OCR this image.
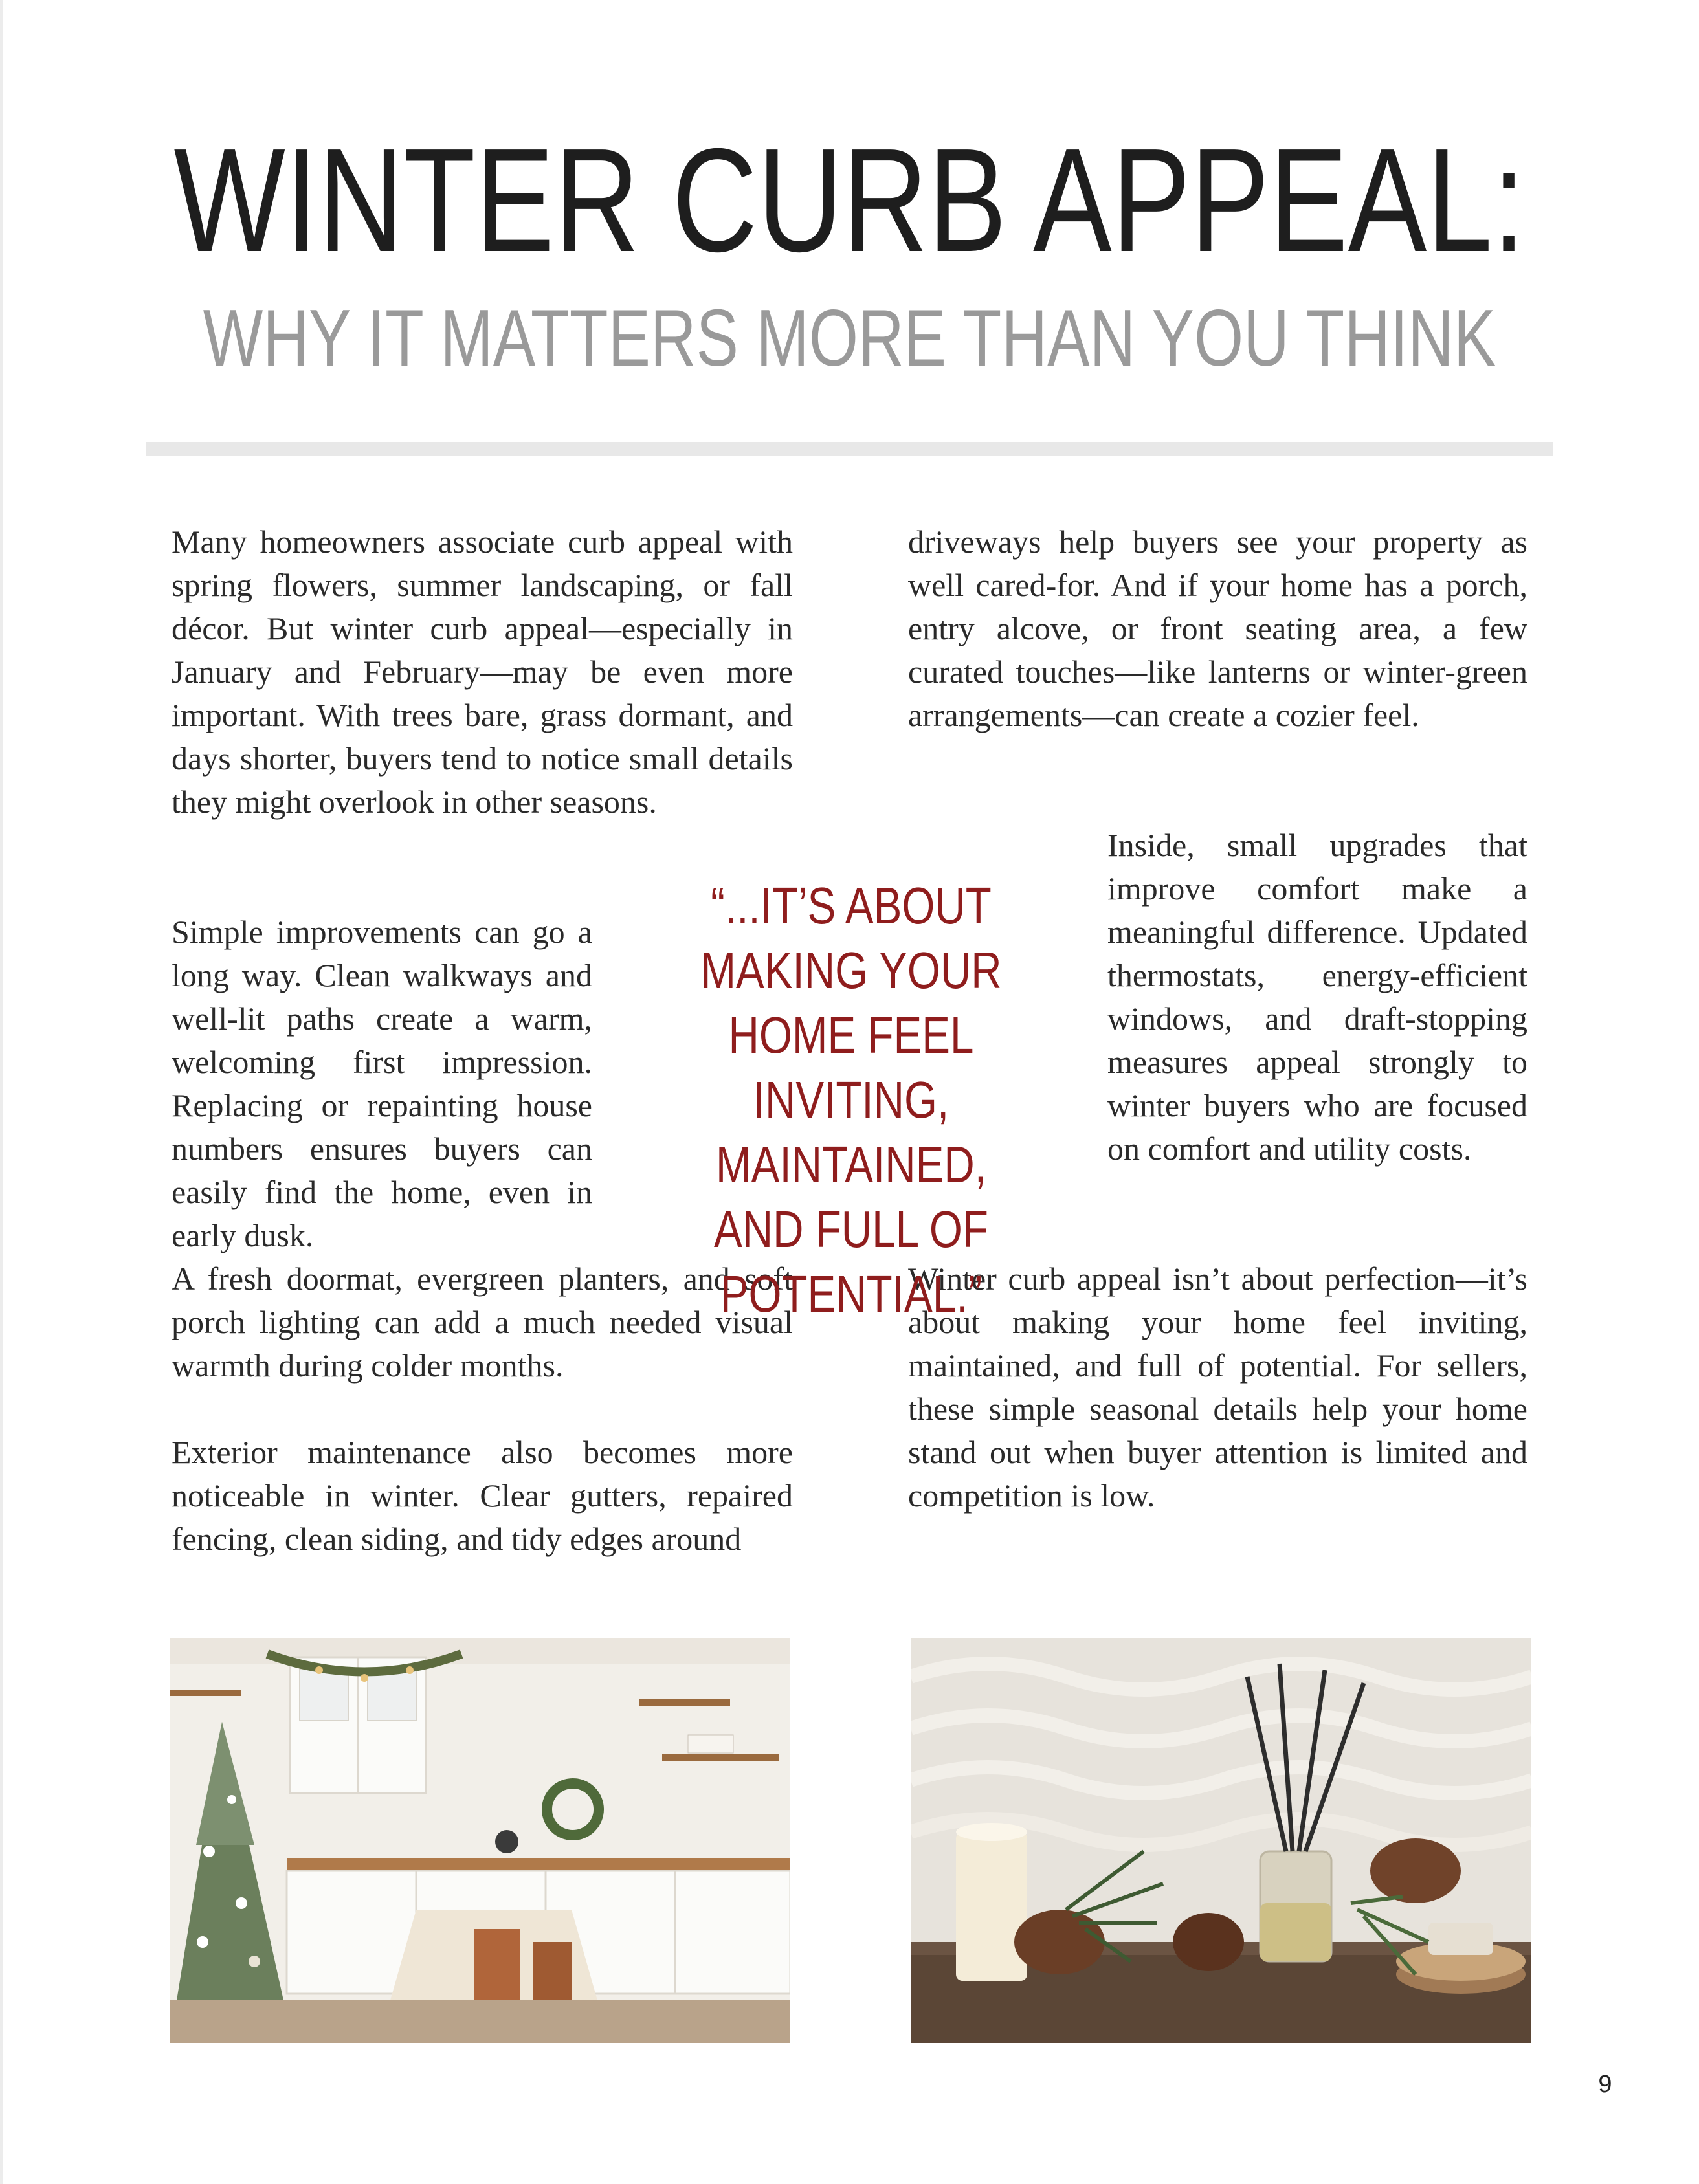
WINTER CURB APPEAL:
WHY IT MATTERS MORE THAN YOU THINK

Many homeowners associate curb appeal with spring flowers, summer landscaping, or fall décor. But winter curb appeal—especially in January and February—may be even more important. With trees bare, grass dormant, and days shorter, buyers tend to notice small details they might overlook in other seasons.

Simple improvements can go a long way. Clean walkways and well-lit paths create a warm, welcoming first impression. Replacing or repainting house numbers ensures buyers can easily find the home, even in early dusk.

A fresh doormat, evergreen planters, and soft porch lighting can add a much needed visual warmth during colder months.

Exterior maintenance also becomes more noticeable in winter. Clear gutters, repaired fencing, clean siding, and tidy edges around

driveways help buyers see your property as well cared-for. And if your home has a porch, entry alcove, or front seating area, a few curated touches—like lanterns or winter-green arrangements—can create a cozier feel.

Inside, small upgrades that improve comfort make a meaningful difference. Updated thermostats, energy-efficient windows, and draft-stopping measures appeal strongly to winter buyers who are focused on comfort and utility costs.

Winter curb appeal isn’t about perfection—it’s about making your home feel inviting, maintained, and full of potential. For sellers, these simple seasonal details help your home stand out when buyer attention is limited and competition is low.

“...IT’S ABOUT MAKING YOUR HOME FEEL INVITING, MAINTAINED, AND FULL OF POTENTIAL.”
9
